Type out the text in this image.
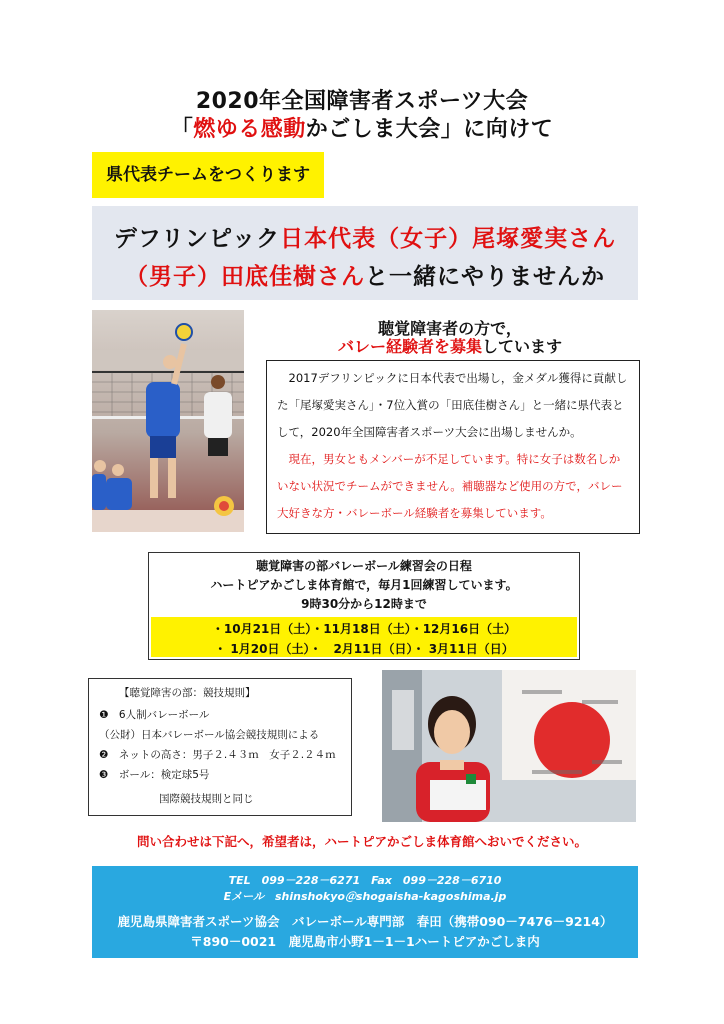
2020年全国障害者スポーツ大会
「燃ゆる感動かごしま大会」に向けて
県代表チームをつくります
デフリンピック日本代表（女子）尾塚愛実さん
（男子）田底佳樹さんと一緒にやりませんか
聴覚障害者の方で，
バレー経験者を募集しています

2017デフリンピックに日本代表で出場し，金メダル獲得に貢献した「尾塚愛実さん」・7位入賞の「田底佳樹さん」と一緒に県代表として，2020年全国障害者スポーツ大会に出場しませんか。

現在，男女ともメンバーが不足しています。特に女子は数名しかいない状況でチームができません。補聴器など使用の方で，バレー大好きな方・バレーボール経験者を募集しています。

聴覚障害の部バレーボール練習会の日程
ハートピアかごしま体育館で，毎月1回練習しています。
9時30分から12時まで
・10月21日（土）・11月18日（土）・12月16日（土）
・ 1月20日（土）・　2月11日（日）・ 3月11日（日）
【聴覚障害の部：競技規則】
❶　6人制バレーボール
（公財）日本バレーボール協会競技規則による
❷　ネットの高さ：男子２.４３ｍ　女子２.２４ｍ
❸　ボール：検定球5号
国際競技規則と同じ
問い合わせは下記へ，希望者は，ハートピアかごしま体育館へおいでください。
TEL　099－228－6271　Fax　099－228－6710
Eメール　shinshokyo＠shogaisha-kagoshima.jp
鹿児島県障害者スポーツ協会　バレーボール専門部　春田（携帯090－7476－9214）
〒890－0021　鹿児島市小野1－1－1ハートピアかごしま内
